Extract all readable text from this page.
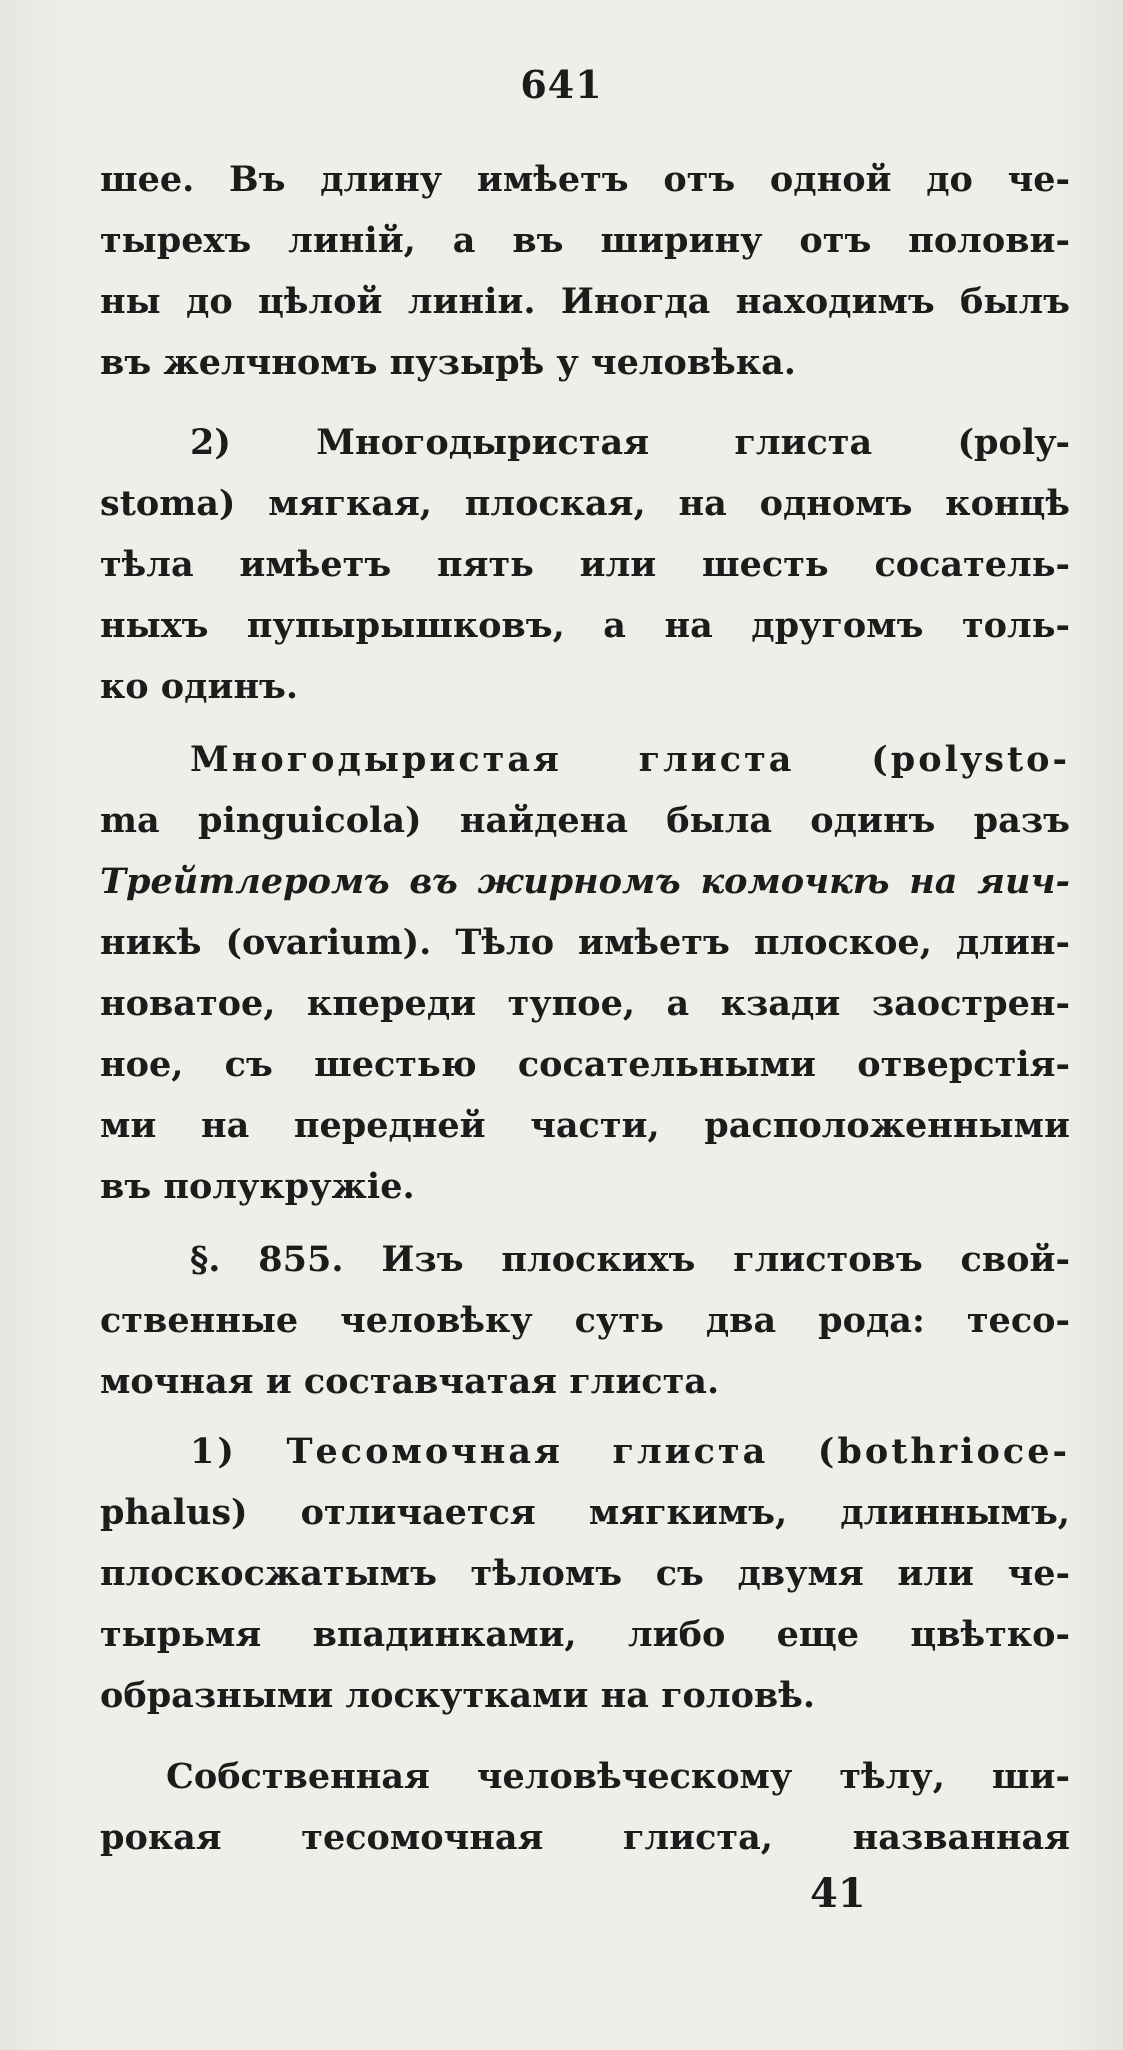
641
шее. Въ длину имѣетъ отъ одной до че-
тырехъ линій, а въ ширину отъ полови-
ны до цѣлой линіи. Иногда находимъ былъ
въ желчномъ пузырѣ у человѣка.
2) Многодыристая глиста (poly-
stoma) мягкая, плоская, на одномъ концѣ
тѣла имѣетъ пять или шесть сосатель-
ныхъ пупырышковъ, а на другомъ толь-
ко одинъ.
Многодыристая глиста (polysto-
ma pinguicola) найдена была одинъ разъ
Трейтлеромъ въ жирномъ комочкѣ на яич-
никѣ (ovarium). Тѣло имѣетъ плоское, длин-
новатое, кпереди тупое, а кзади заострен-
ное, съ шестью сосательными отверстія-
ми на передней части, расположенными
въ полукружіе.
§. 855. Изъ плоскихъ глистовъ свой-
ственные человѣку суть два рода: тесо-
мочная и составчатая глиста.
1) Тесомочная глиста (bothrioce-
phalus) отличается мягкимъ, длиннымъ,
плоскосжатымъ тѣломъ съ двумя или че-
тырьмя впадинками, либо еще цвѣтко-
образными лоскутками на головѣ.
Собственная человѣческому тѣлу, ши-
рокая тесомочная глиста, названная
41
